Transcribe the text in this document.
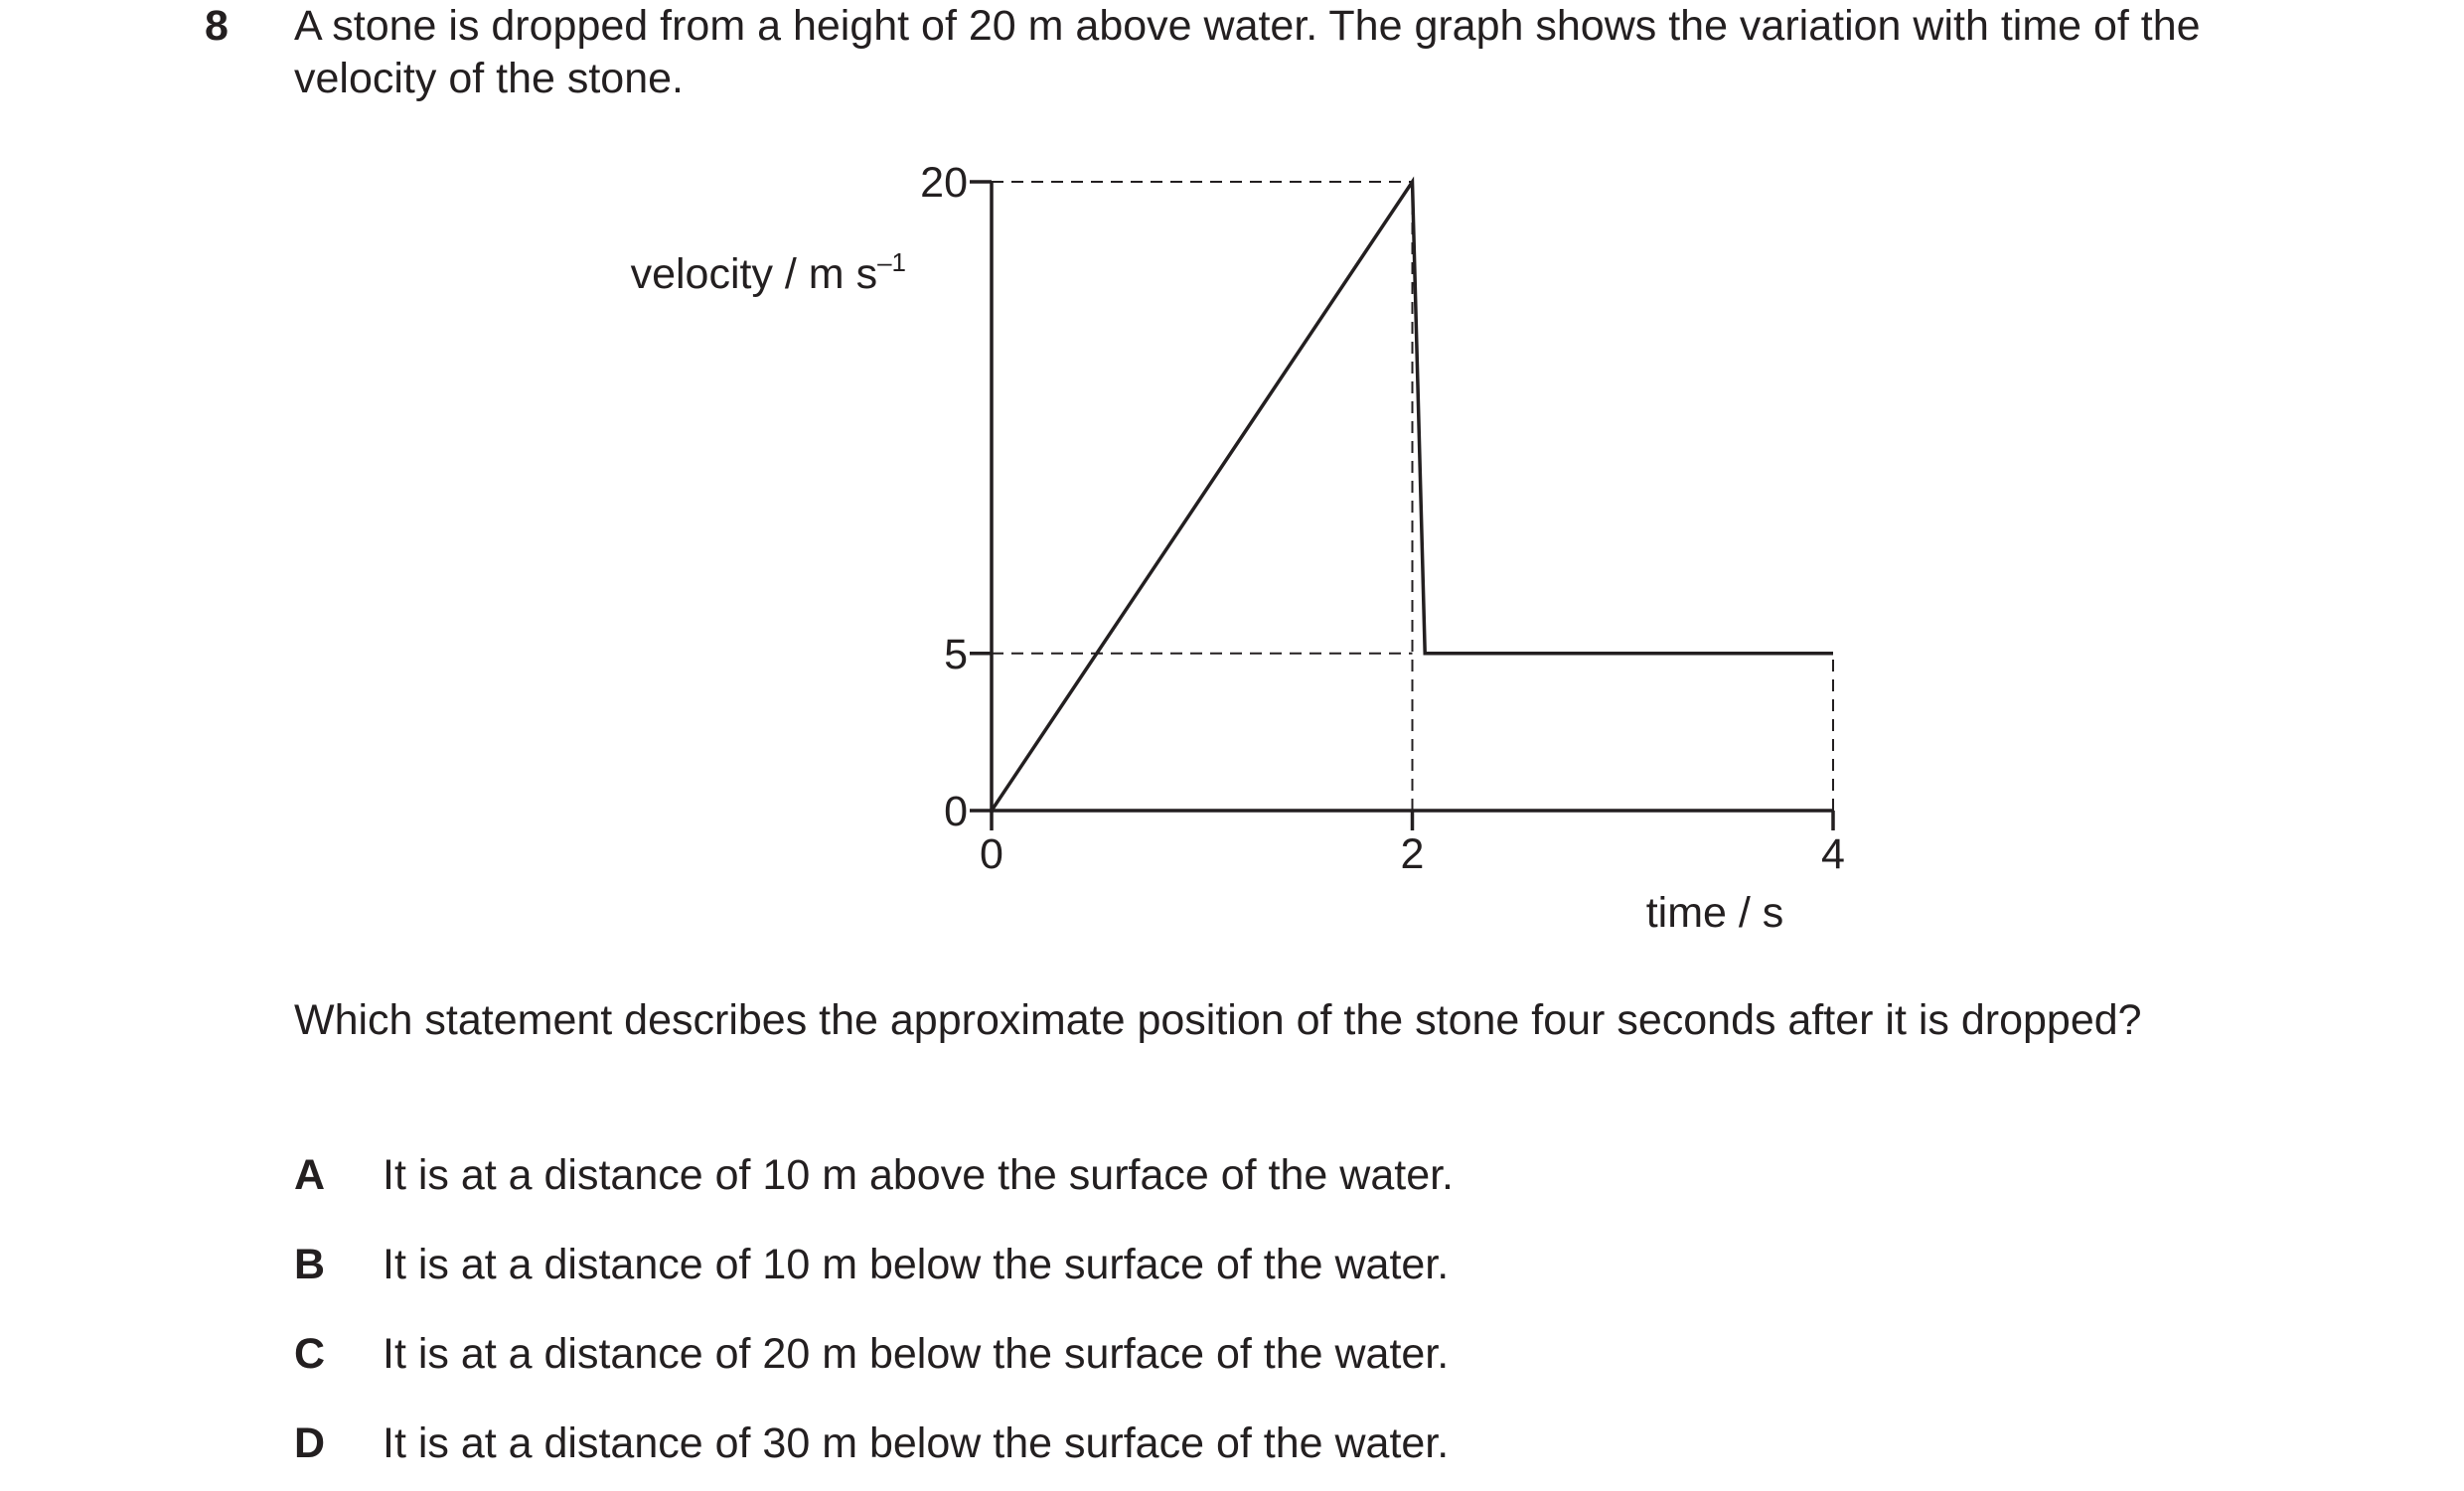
8 A stone is dropped from a height of 20 m above water. The graph shows the variation with time of the velocity of the stone.
0
5
20
0	2	4
velocity / m $s^{-1}$
time / s
Which statement describes the approximate position of the stone four seconds after it is dropped?
A It is at a distance of 10 m above the surface of the water.
B It is at a distance of 10 m below the surface of the water.
C It is at a distance of 20 m below the surface of the water.
D It is at a distance of 30 m below the surface of the water.
